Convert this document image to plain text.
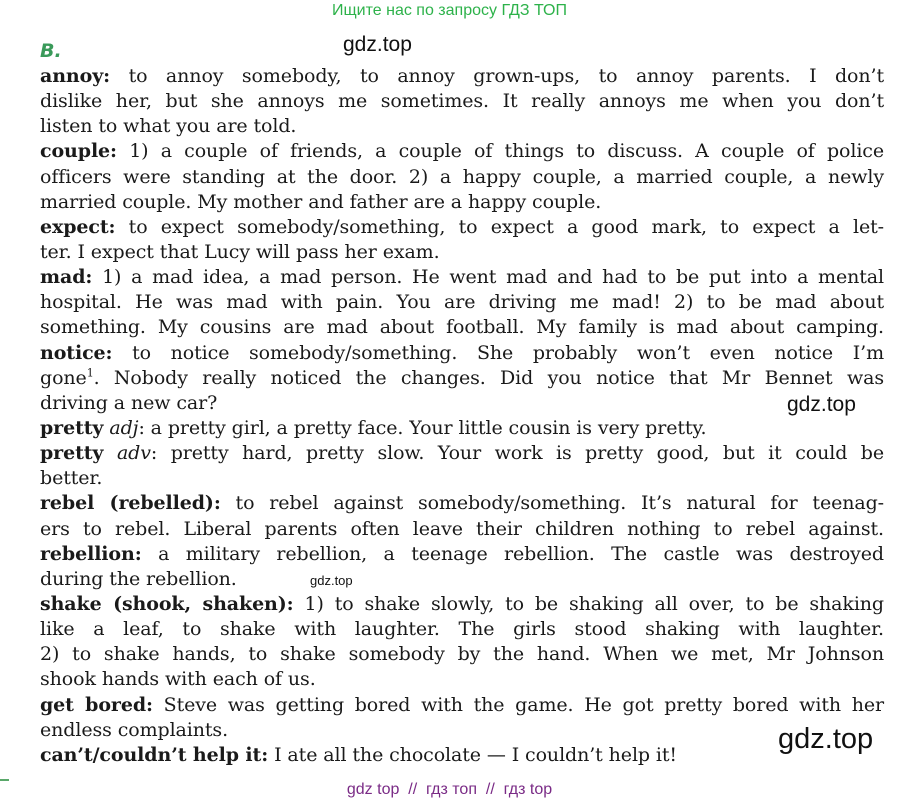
Ищите нас по запросу ГДЗ ТОП
B.
annoy: to annoy somebody, to annoy grown-ups, to annoy parents. I don’t
dislike her, but she annoys me sometimes. It really annoys me when you don’t
listen to what you are told.
couple: 1) a couple of friends, a couple of things to discuss. A couple of police
officers were standing at the door. 2) a happy couple, a married couple, a newly
married couple. My mother and father are a happy couple.
expect: to expect somebody/something, to expect a good mark, to expect a let-
ter. I expect that Lucy will pass her exam.
mad: 1) a mad idea, a mad person. He went mad and had to be put into a mental
hospital. He was mad with pain. You are driving me mad! 2) to be mad about
something. My cousins are mad about football. My family is mad about camping.
notice: to notice somebody/something. She probably won’t even notice I’m
gone$^1$. Nobody really noticed the changes. Did you notice that Mr Bennet was
driving a new car?
pretty adj: a pretty girl, a pretty face. Your little cousin is very pretty.
pretty adv: pretty hard, pretty slow. Your work is pretty good, but it could be
better.
rebel (rebelled): to rebel against somebody/something. It’s natural for teenag-
ers to rebel. Liberal parents often leave their children nothing to rebel against.
rebellion: a military rebellion, a teenage rebellion. The castle was destroyed
during the rebellion.
shake (shook, shaken): 1) to shake slowly, to be shaking all over, to be shaking
like a leaf, to shake with laughter. The girls stood shaking with laughter.
2) to shake hands, to shake somebody by the hand. When we met, Mr Johnson
shook hands with each of us.
get bored: Steve was getting bored with the game. He got pretty bored with her
endless complaints.
can’t/couldn’t help it: I ate all the chocolate — I couldn’t help it!
gdz.top
gdz.top
gdz.top
gdz.top
gdz top  //  гдз топ  //  гдз top
